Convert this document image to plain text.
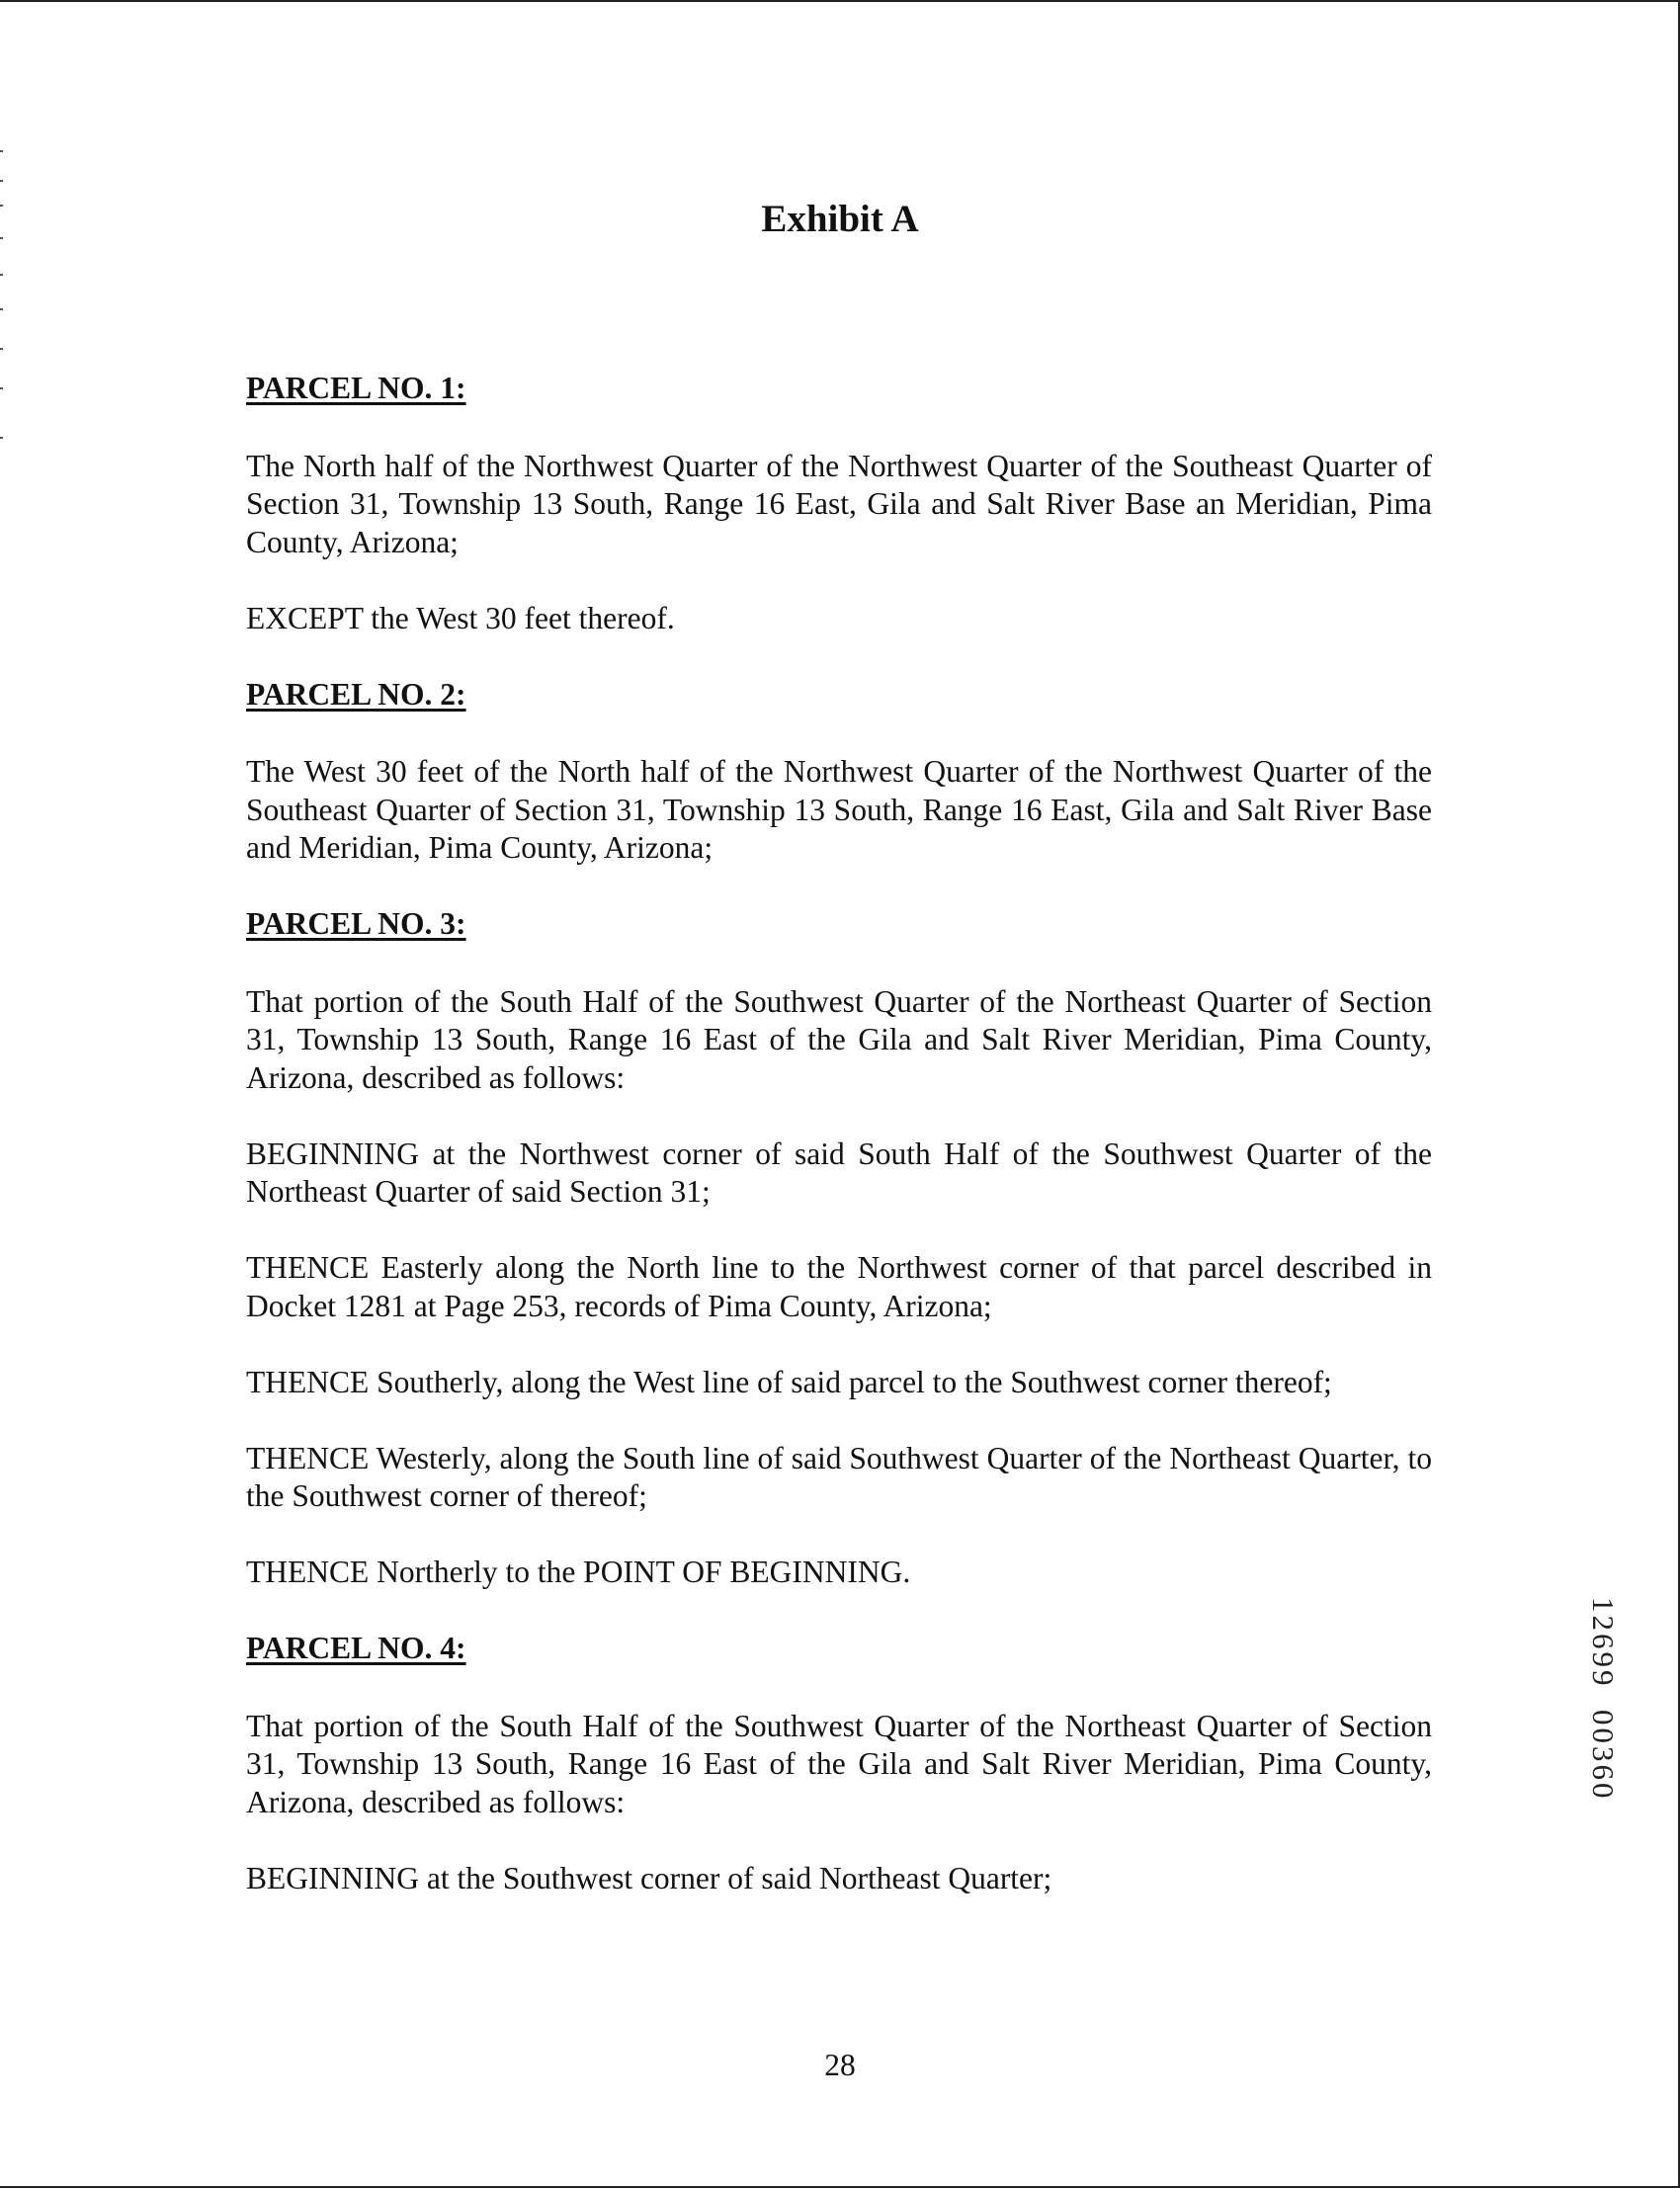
Exhibit A
PARCEL NO. 1:

The North half of the Northwest Quarter of the Northwest Quarter of the Southeast Quarter of Section 31, Township 13 South, Range 16 East, Gila and Salt River Base an Meridian, Pima County, Arizona;

EXCEPT the West 30 feet thereof.

PARCEL NO. 2:

The West 30 feet of the North half of the Northwest Quarter of the Northwest Quarter of the Southeast Quarter of Section 31, Township 13 South, Range 16 East, Gila and Salt River Base and Meridian, Pima County, Arizona;

PARCEL NO. 3:

That portion of the South Half of the Southwest Quarter of the Northeast Quarter of Section 31, Township 13 South, Range 16 East of the Gila and Salt River Meridian, Pima County, Arizona, described as follows:

BEGINNING at the Northwest corner of said South Half of the Southwest Quarter of the Northeast Quarter of said Section 31;

THENCE Easterly along the North line to the Northwest corner of that parcel described in Docket 1281 at Page 253, records of Pima County, Arizona;

THENCE Southerly, along the West line of said parcel to the Southwest corner thereof;

THENCE Westerly, along the South line of said Southwest Quarter of the Northeast Quarter, to the Southwest corner of thereof;

THENCE Northerly to the POINT OF BEGINNING.

PARCEL NO. 4:

That portion of the South Half of the Southwest Quarter of the Northeast Quarter of Section 31, Township 13 South, Range 16 East of the Gila and Salt River Meridian, Pima County, Arizona, described as follows:

BEGINNING at the Southwest corner of said Northeast Quarter;

12699  00360
28
